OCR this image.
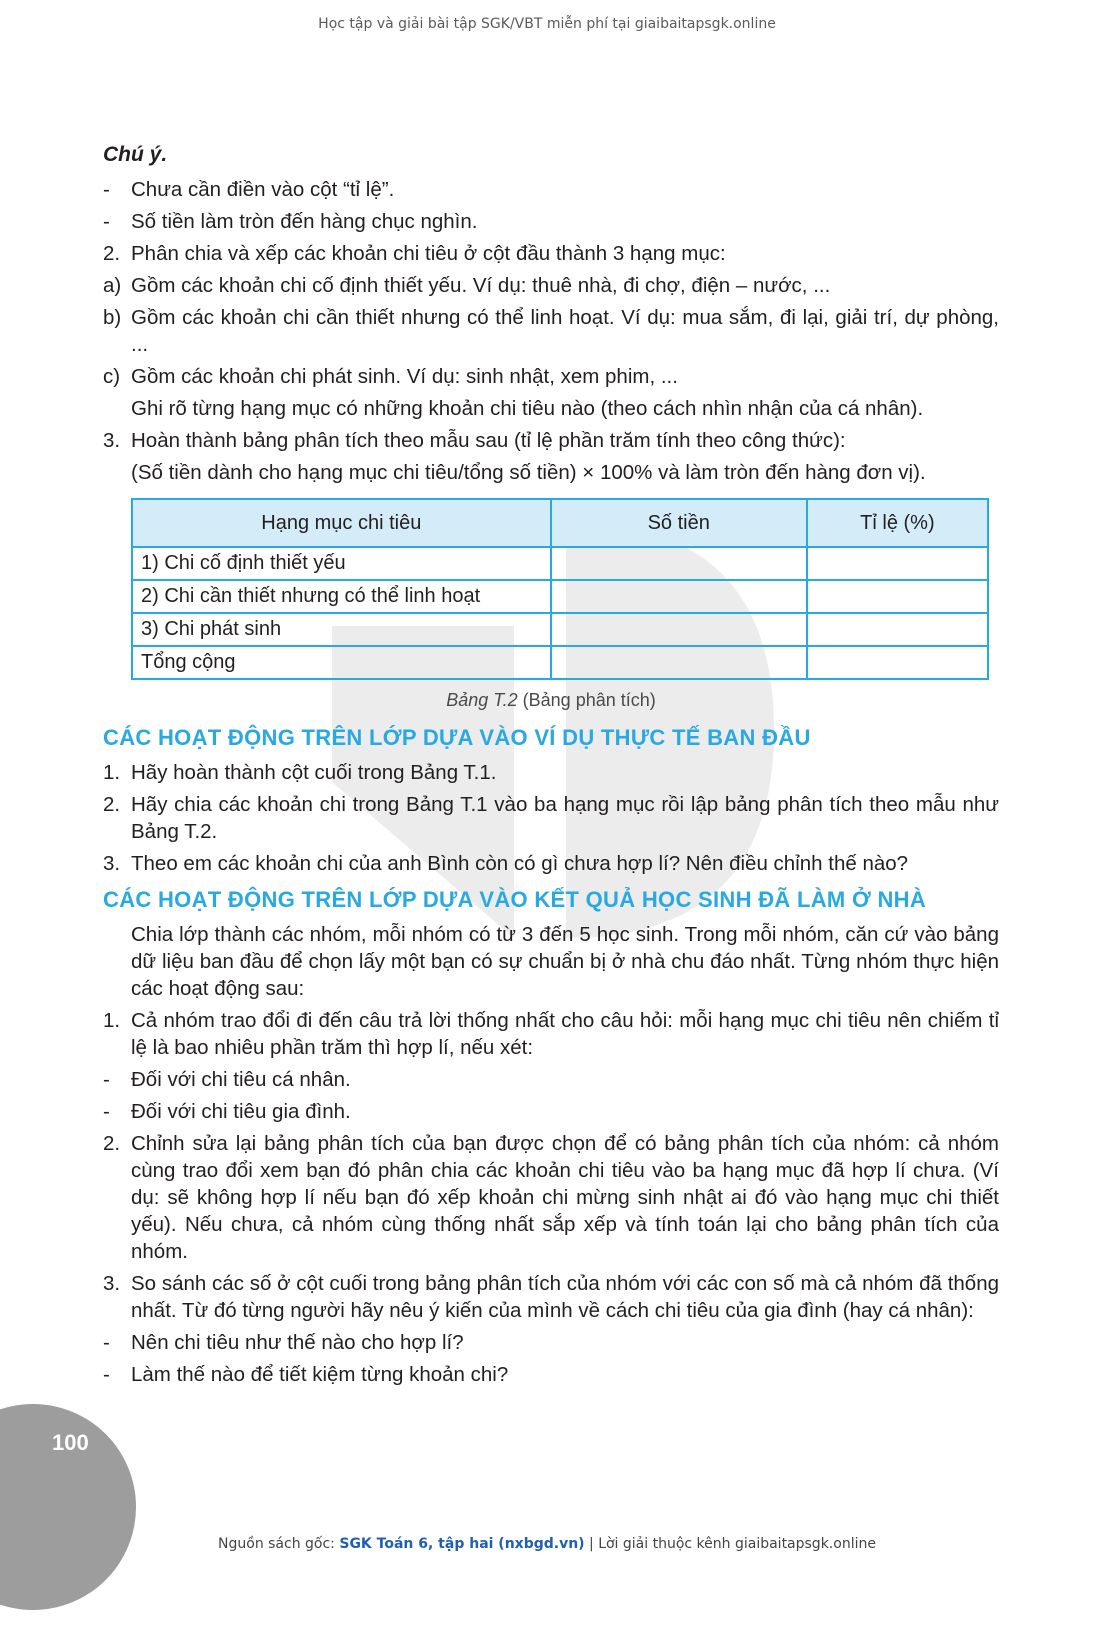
Học tập và giải bài tập SGK/VBT miễn phí tại giaibaitapsgk.online
Chú ý.
- Chưa cần điền vào cột “tỉ lệ”.
- Số tiền làm tròn đến hàng chục nghìn.
2. Phân chia và xếp các khoản chi tiêu ở cột đầu thành 3 hạng mục:
a) Gồm các khoản chi cố định thiết yếu. Ví dụ: thuê nhà, đi chợ, điện – nước, ...
b) Gồm các khoản chi cần thiết nhưng có thể linh hoạt. Ví dụ: mua sắm, đi lại, giải trí, dự phòng, ...
c) Gồm các khoản chi phát sinh. Ví dụ: sinh nhật, xem phim, ...
Ghi rõ từng hạng mục có những khoản chi tiêu nào (theo cách nhìn nhận của cá nhân).
3. Hoàn thành bảng phân tích theo mẫu sau (tỉ lệ phần trăm tính theo công thức):
(Số tiền dành cho hạng mục chi tiêu/tổng số tiền) × 100% và làm tròn đến hàng đơn vị).
Hạng mục chi tiêu	Số tiền	Tỉ lệ (%)
1) Chi cố định thiết yếu		
2) Chi cần thiết nhưng có thể linh hoạt		
3) Chi phát sinh		
Tổng cộng		
Bảng T.2 (Bảng phân tích)
CÁC HOẠT ĐỘNG TRÊN LỚP DỰA VÀO VÍ DỤ THỰC TẾ BAN ĐẦU
1. Hãy hoàn thành cột cuối trong Bảng T.1.
2. Hãy chia các khoản chi trong Bảng T.1 vào ba hạng mục rồi lập bảng phân tích theo mẫu như Bảng T.2.
3. Theo em các khoản chi của anh Bình còn có gì chưa hợp lí? Nên điều chỉnh thế nào?
CÁC HOẠT ĐỘNG TRÊN LỚP DỰA VÀO KẾT QUẢ HỌC SINH ĐÃ LÀM Ở NHÀ
Chia lớp thành các nhóm, mỗi nhóm có từ 3 đến 5 học sinh. Trong mỗi nhóm, căn cứ vào bảng dữ liệu ban đầu để chọn lấy một bạn có sự chuẩn bị ở nhà chu đáo nhất. Từng nhóm thực hiện các hoạt động sau:
1. Cả nhóm trao đổi đi đến câu trả lời thống nhất cho câu hỏi: mỗi hạng mục chi tiêu nên chiếm tỉ lệ là bao nhiêu phần trăm thì hợp lí, nếu xét:
- Đối với chi tiêu cá nhân.
- Đối với chi tiêu gia đình.
2. Chỉnh sửa lại bảng phân tích của bạn được chọn để có bảng phân tích của nhóm: cả nhóm cùng trao đổi xem bạn đó phân chia các khoản chi tiêu vào ba hạng mục đã hợp lí chưa. (Ví dụ: sẽ không hợp lí nếu bạn đó xếp khoản chi mừng sinh nhật ai đó vào hạng mục chi thiết yếu). Nếu chưa, cả nhóm cùng thống nhất sắp xếp và tính toán lại cho bảng phân tích của nhóm.
3. So sánh các số ở cột cuối trong bảng phân tích của nhóm với các con số mà cả nhóm đã thống nhất. Từ đó từng người hãy nêu ý kiến của mình về cách chi tiêu của gia đình (hay cá nhân):
- Nên chi tiêu như thế nào cho hợp lí?
- Làm thế nào để tiết kiệm từng khoản chi?
100
Nguồn sách gốc: SGK Toán 6, tập hai (nxbgd.vn) | Lời giải thuộc kênh giaibaitapsgk.online
